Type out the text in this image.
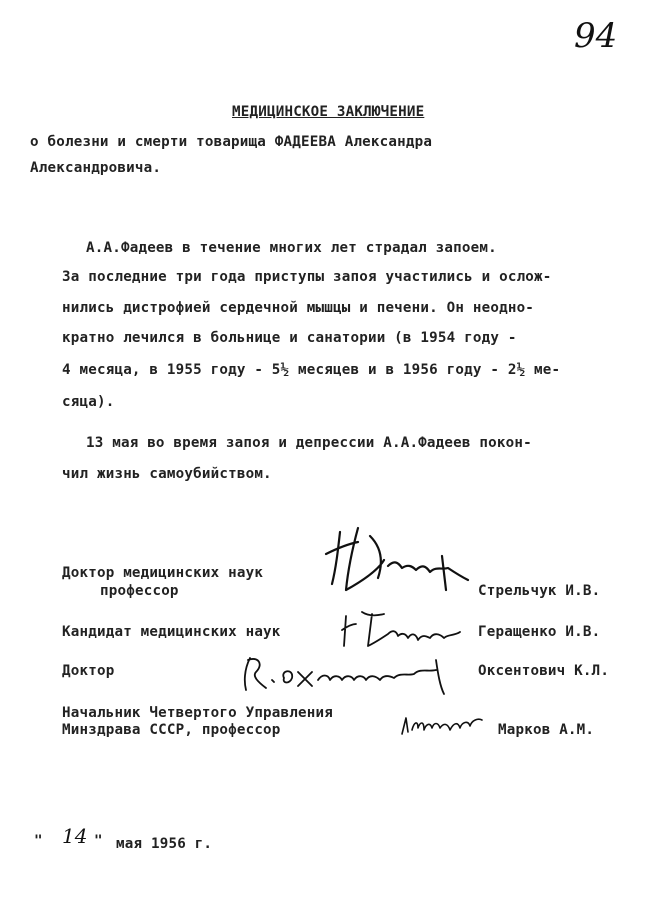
94
МЕДИЦИНСКОЕ ЗАКЛЮЧЕНИЕ
о болезни и смерти товарища ФАДЕЕВА Александра
Александровича.
А.А.Фадеев в течение многих лет страдал запоем.
За последние три года приступы запоя участились и ослож-
нились дистрофией сердечной мышцы и печени. Он неодно-
кратно лечился в больнице и санатории (в 1954 году -
4 месяца, в 1955 году - 5½ месяцев и в 1956 году - 2½ ме-
сяца).
13 мая во время запоя и депрессии А.А.Фадеев покон-
чил жизнь самоубийством.
Доктор медицинских наук
профессор	Стрельчук И.В.
Кандидат медицинских наук	Геращенко И.В.
Доктор	Оксентович К.Л.
Начальник Четвертого Управления
Минздрава СССР, профессор	Марков А.М.
" 14 " мая 1956 г.
